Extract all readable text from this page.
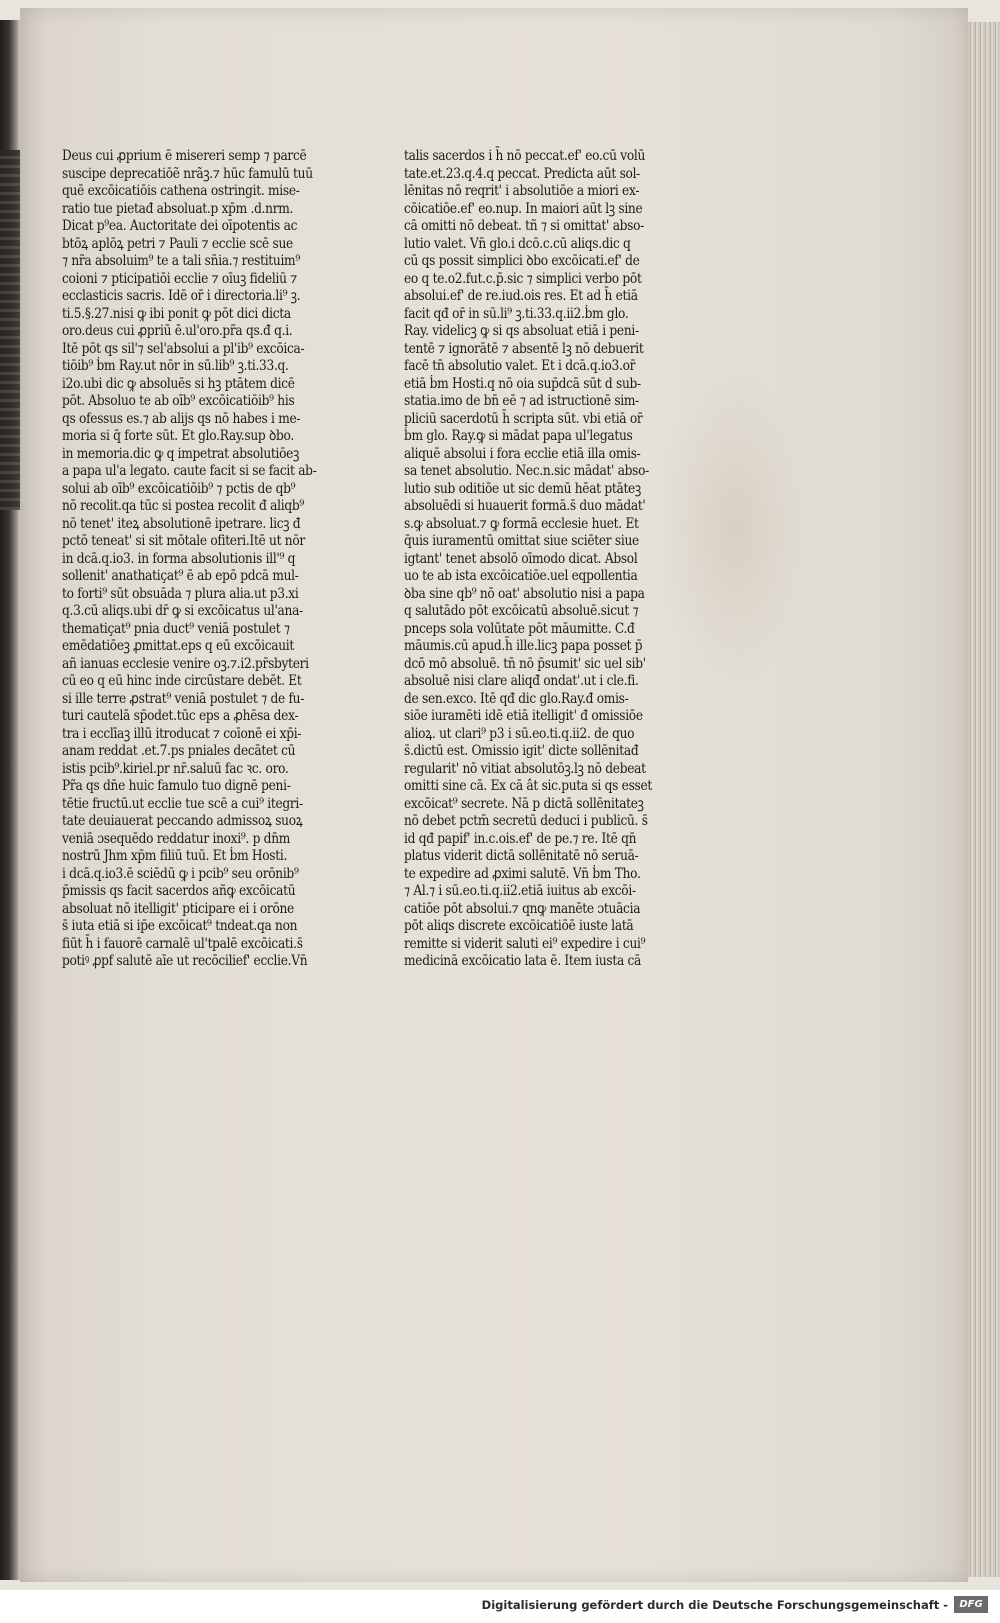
Deus cui ꝓprium ē misereri semp ⁊ parcē
suscipe deprecatiōẽ nrãꝫ.⁊ hūc famulū tuū
quē excōicatiōis cathena ostringit. mise-
ratio tue pietađ absoluat.p xp̄m .d.nrm.
Dicat p⁹ea. Auctoritate dei oīpotentis ac
btōꝝ aplōꝝ petri ⁊ Pauli ⁊ ecclie scē sue
⁊ nr̃a absoluim⁹ te a tali sn̄ia.⁊ restituim⁹
coioni ⁊ pticipatiōi ecclie ⁊ oīuꝫ fideliū ⁊
ecclasticis sacris. Idē or̄ i directoria.li⁹ ꝫ.
ti.5.§.27.nisi ꝙ ibi ponit ꝙ pōt dici dicta
oro.deus cui ꝓpriū ē.ul'oro.pr̃a qs.đ q.i.
Itē pōt qs sil'⁊ sel'absolui a pl'ib⁹ excōica-
tiōib⁹ ḃm Ray.ut nōr in sū.lib⁹ ꝫ.ti.33.q.
i2o.ubi dic ꝙ absoluēs si hꝫ ptātem dicē
pōt. Absoluo te ab oīb⁹ excōicatiōib⁹ his
qs ofessus es.⁊ ab alijs qs nō habes i me-
moria si q̄ forte sūt. Et glo.Ray.sup ꝺbo.
in memoria.dic ꝙ q impetrat absolutiōeꝫ
a papa ul'a legato. caute facit si se facit ab-
solui ab oīb⁹ excōicatiōib⁹ ⁊ pctis de qb⁹
nō recolit.qa tūc si postea recolit đ aliqb⁹
nō tenet' iteꝝ absolutionē ipetrare. licꝫ đ
pctō teneat' si sit mōtale ofiteri.Itē ut nōr
in dcā.q.io3. in forma absolutionis ill'⁹ q
sollenit' anathatiçat⁹ ē ab epō pdcā mul-
to forti⁹ sūt obsuāda ⁊ plura alia.ut p3.xi
q.3.cū aliqs.ubi dr̄ ꝙ si excōicatus ul'ana-
thematiçat⁹ pnia duct⁹ veniā postulet ⁊
emēdatiōeꝫ ꝓmittat.eps q eū excōicauit
añ ianuas ecclesie venire oꝫ.⁊.i2.pr̄sbyteri
cū eo q eū hinc inde circūstare debēt. Et
si ille terre ꝓstrat⁹ veniā postulet ⁊ de fu-
turi cautelā sp̄odet.tūc eps a ꝓhēsa dex-
tra i ecclīaꝫ illū itroducat ⁊ coīonē ei xp̄i-
anam reddat .et.7.ps pniales decātet cū
istis pcib⁹.kiriel.pr nr̄.saluū fac ꝛc. oro.
Pr̃a qs dn̄e huic famulo tuo dignē peni-
tētie fructū.ut ecclie tue scē a cui⁹ itegri-
tate deuiauerat peccando admissoꝝ suoꝝ
veniā ɔsequēdo reddatur inoxi⁹. p dn̄m
nostrū Jhm xp̄m filiū tuū. Et ḃm Hosti.
i dcā.q.io3.ē sciēdū ꝙ i pcib⁹ seu orōnib⁹
p̄missis qs facit sacerdos añꝙ excōicatū
absoluat nō itelligit' pticipare ei i orōne
s̄ iuta etiā si ip̄e excōicat⁹ tndeat.qa non
fiūt h̄ i fauorē carnalē ul'tpalē excōicati.s̄
potiꝰ ꝓpf salutē aīe ut recōcilief' ecclie.Vn̄
talis sacerdos i h̄ nō peccat.ef' eo.cū volū
tate.et.23.q.4.q peccat. Predicta aūt sol-
lēnitas nō reqrit' i absolutiōe a miori ex-
cōicatiōe.ef' eo.nup. In maiori aūt lꝫ sine
cā omitti nō debeat. tñ ⁊ si omittat' abso-
lutio valet. Vn̄ glo.i dcō.c.cū aliqs.dic q
cū qs possit simplici ꝺbo excōicati.ef' de
eo q te.o2.fut.c.p̄.sic ⁊ simplici verbo pōt
absolui.ef' de re.iud.ois res. Et ad h̄ etiā
facit qđ or̄ in sū.li⁹ ꝫ.ti.33.q.ii2.ḃm glo.
Ray. videlicꝫ ꝙ si qs absoluat etiā i peni-
tentē ⁊ ignorātē ⁊ absentē lꝫ nō debuerit
facē tn̄ absolutio valet. Et i dcā.q.io3.or̄
etiā ḃm Hosti.q nō oia sup̄dcā sūt d sub-
statia.imo de bn̄ eē ⁊ ad istructionē sim-
pliciū sacerdotū h̄ scripta sūt. vbi etiā or̄
ḃm glo. Ray.ꝙ si mādat papa ul'legatus
aliquē absolui i fora ecclie etiā illa omis-
sa tenet absolutio. Nec.n.sic mādat' abso-
lutio sub oditiōe ut sic demū hēat ptāteꝫ
absoluēdi si huauerit formā.s̄ duo mādat'
s.ꝙ absoluat.⁊ ꝙ formā ecclesie huet. Et
q̄uis iuramentū omittat siue sciēter siue
igtant' tenet absolō oīmodo dicat. Absol
uo te ab ista excōicatiōe.uel eqpollentia
ꝺba sine qb⁹ nō oat' absolutio nisi a papa
q salutādo pōt excōicatū absoluē.sicut ⁊
pnceps sola volūtate pōt māumitte. C.đ
māumis.cū apud.h̄ ille.licꝫ papa posset p̄
dcō mō absoluē. tn̄ nō p̄sumit' sic uel sib'
absoluē nisi clare aliqđ ondat'.ut i cle.fi.
de sen.exco. Itē qđ dic glo.Ray.đ omis-
siōe iuramēti idē etiā itelligit' đ omissiōe
alioꝝ. ut clari⁹ p3 i sū.eo.ti.q.ii2. de quo
s̄.dictū est. Omissio igit' dicte sollēnitađ
regularit' nō vitiat absolutōꝫ.lꝫ nō debeat
omitti sine cā. Ex cā ât sic.puta si qs esset
excōicat⁹ secrete. Nā p dictā sollēnitateꝫ
nō debet pctm̄ secretū deduci i publicū. s̄
id qđ papif' in.c.ois.ef' de pe.⁊ re. Itē qn̄
platus viderit dictā sollēnitatē nō seruā-
te expedire ad ꝓximi salutē. Vn̄ ḃm Tho.
⁊ Al.⁊ i sū.eo.ti.q.ii2.etiā iuitus ab excōi-
catiōe pōt absolui.⁊ qnꝙ manēte ɔtuācia
pōt aliqs discrete excōicatiōē iuste latā
remitte si viderit saluti ei⁹ expedire i cui⁹
medicinā excōicatio lata ē. Item iusta cā
Digitalisierung gefördert durch die Deutsche Forschungsgemeinschaft -	DFG
